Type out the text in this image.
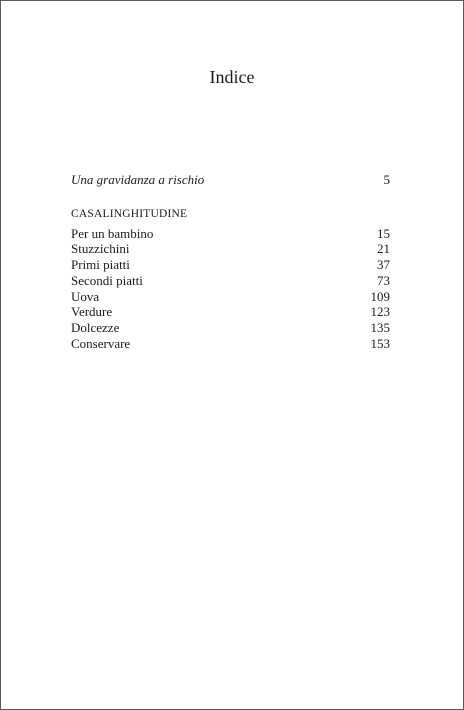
Indice
Una gravidanza a rischio	5
CASALINGHITUDINE
Per un bambino	15
Stuzzichini	21
Primi piatti	37
Secondi piatti	73
Uova	109
Verdure	123
Dolcezze	135
Conservare	153
